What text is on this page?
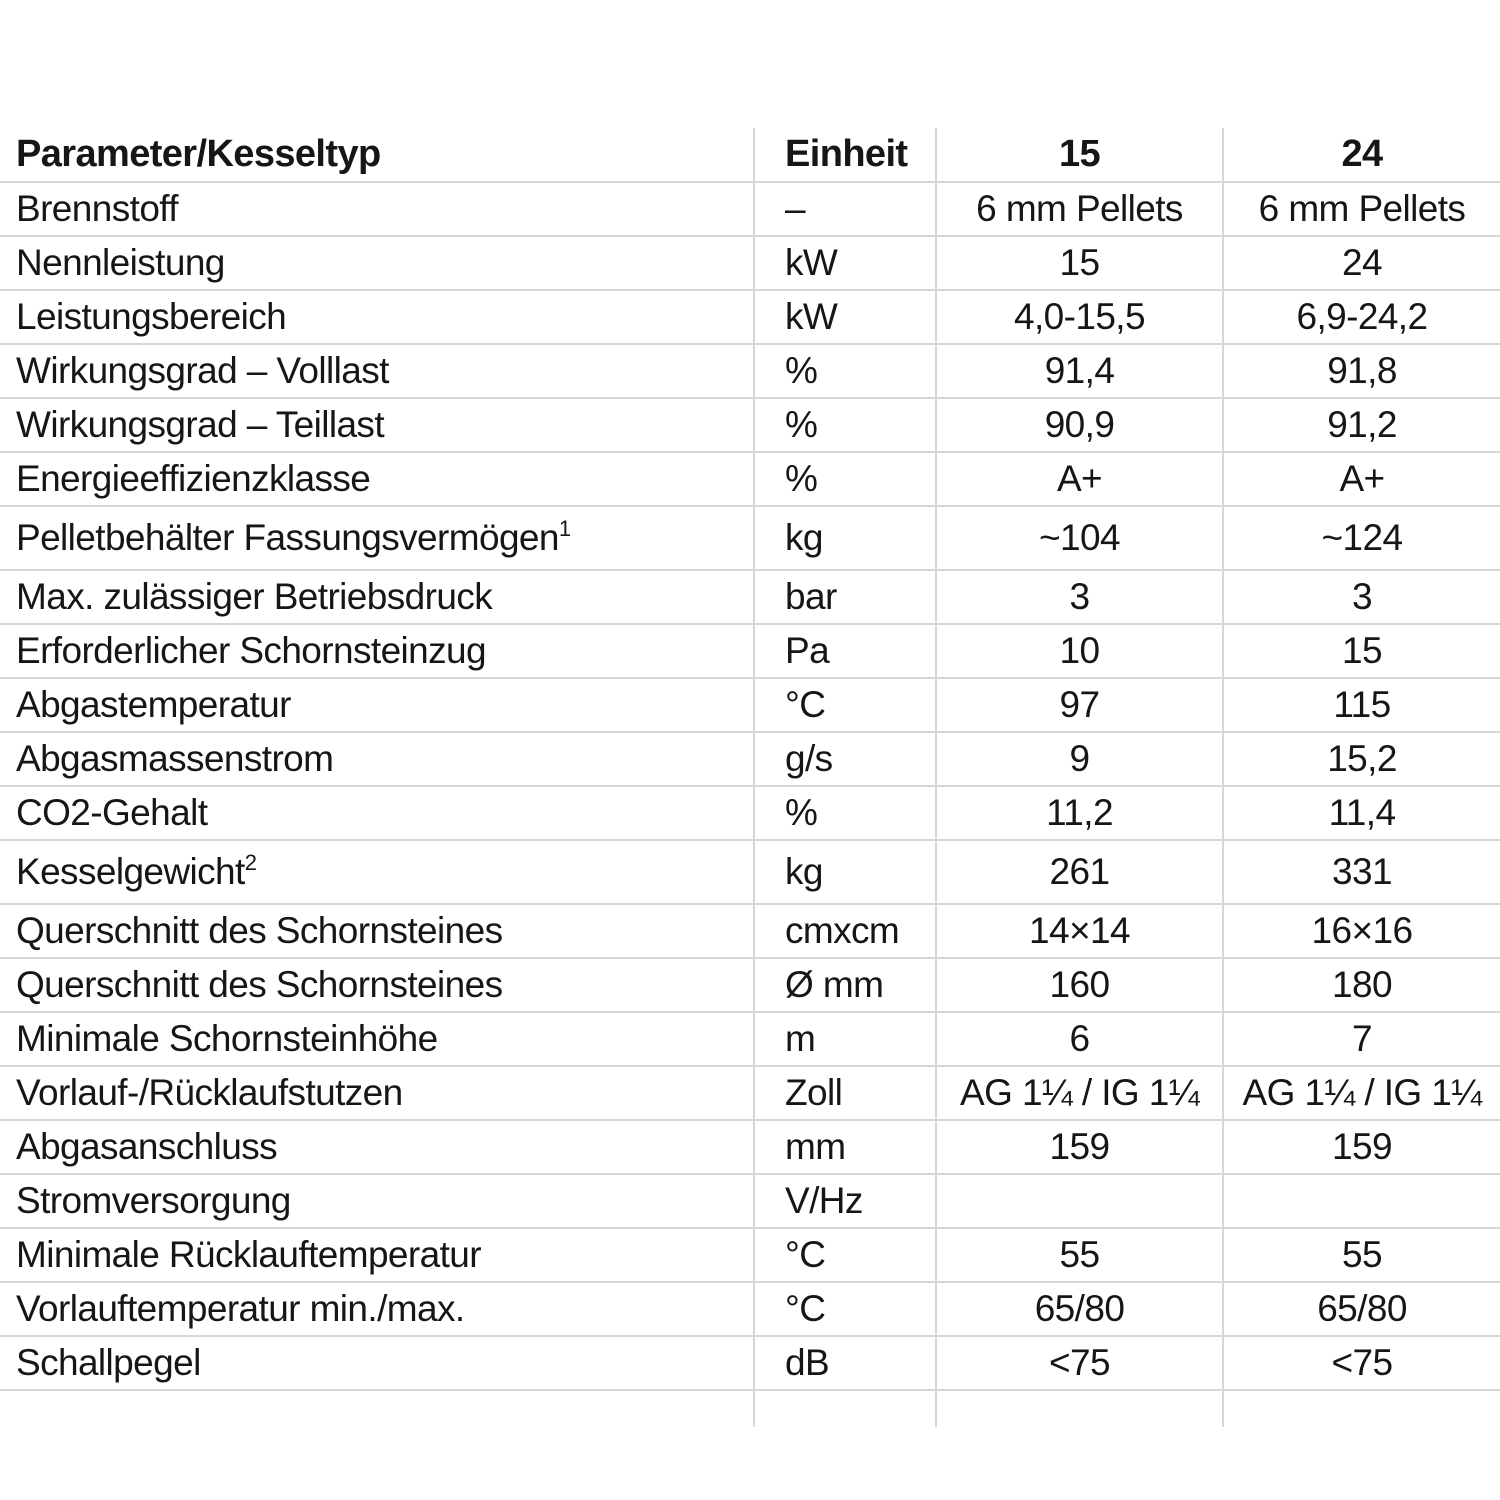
Parameter/Kesseltyp	Einheit	15	24
Brennstoff	–	6 mm Pellets	6 mm Pellets
Nennleistung	kW	15	24
Leistungsbereich	kW	4,0-15,5	6,9-24,2
Wirkungsgrad – Volllast	%	91,4	91,8
Wirkungsgrad – Teillast	%	90,9	91,2
Energieeffizienzklasse	%	A+	A+
Pelletbehälter Fassungsvermögen$^1$	kg	~104	~124
Max. zulässiger Betriebsdruck	bar	3	3
Erforderlicher Schornsteinzug	Pa	10	15
Abgastemperatur	°C	97	115
Abgasmassenstrom	g/s	9	15,2
CO2-Gehalt	%	11,2	11,4
Kesselgewicht$^2$	kg	261	331
Querschnitt des Schornsteines	cmxcm	14×14	16×16
Querschnitt des Schornsteines	Ø mm	160	180
Minimale Schornsteinhöhe	m	6	7
Vorlauf-/Rücklaufstutzen	Zoll	AG 1¼ / IG 1¼	AG 1¼ / IG 1¼
Abgasanschluss	mm	159	159
Stromversorgung	V/Hz		
Minimale Rücklauftemperatur	°C	55	55
Vorlauftemperatur min./max.	°C	65/80	65/80
Schallpegel	dB	<75	<75
